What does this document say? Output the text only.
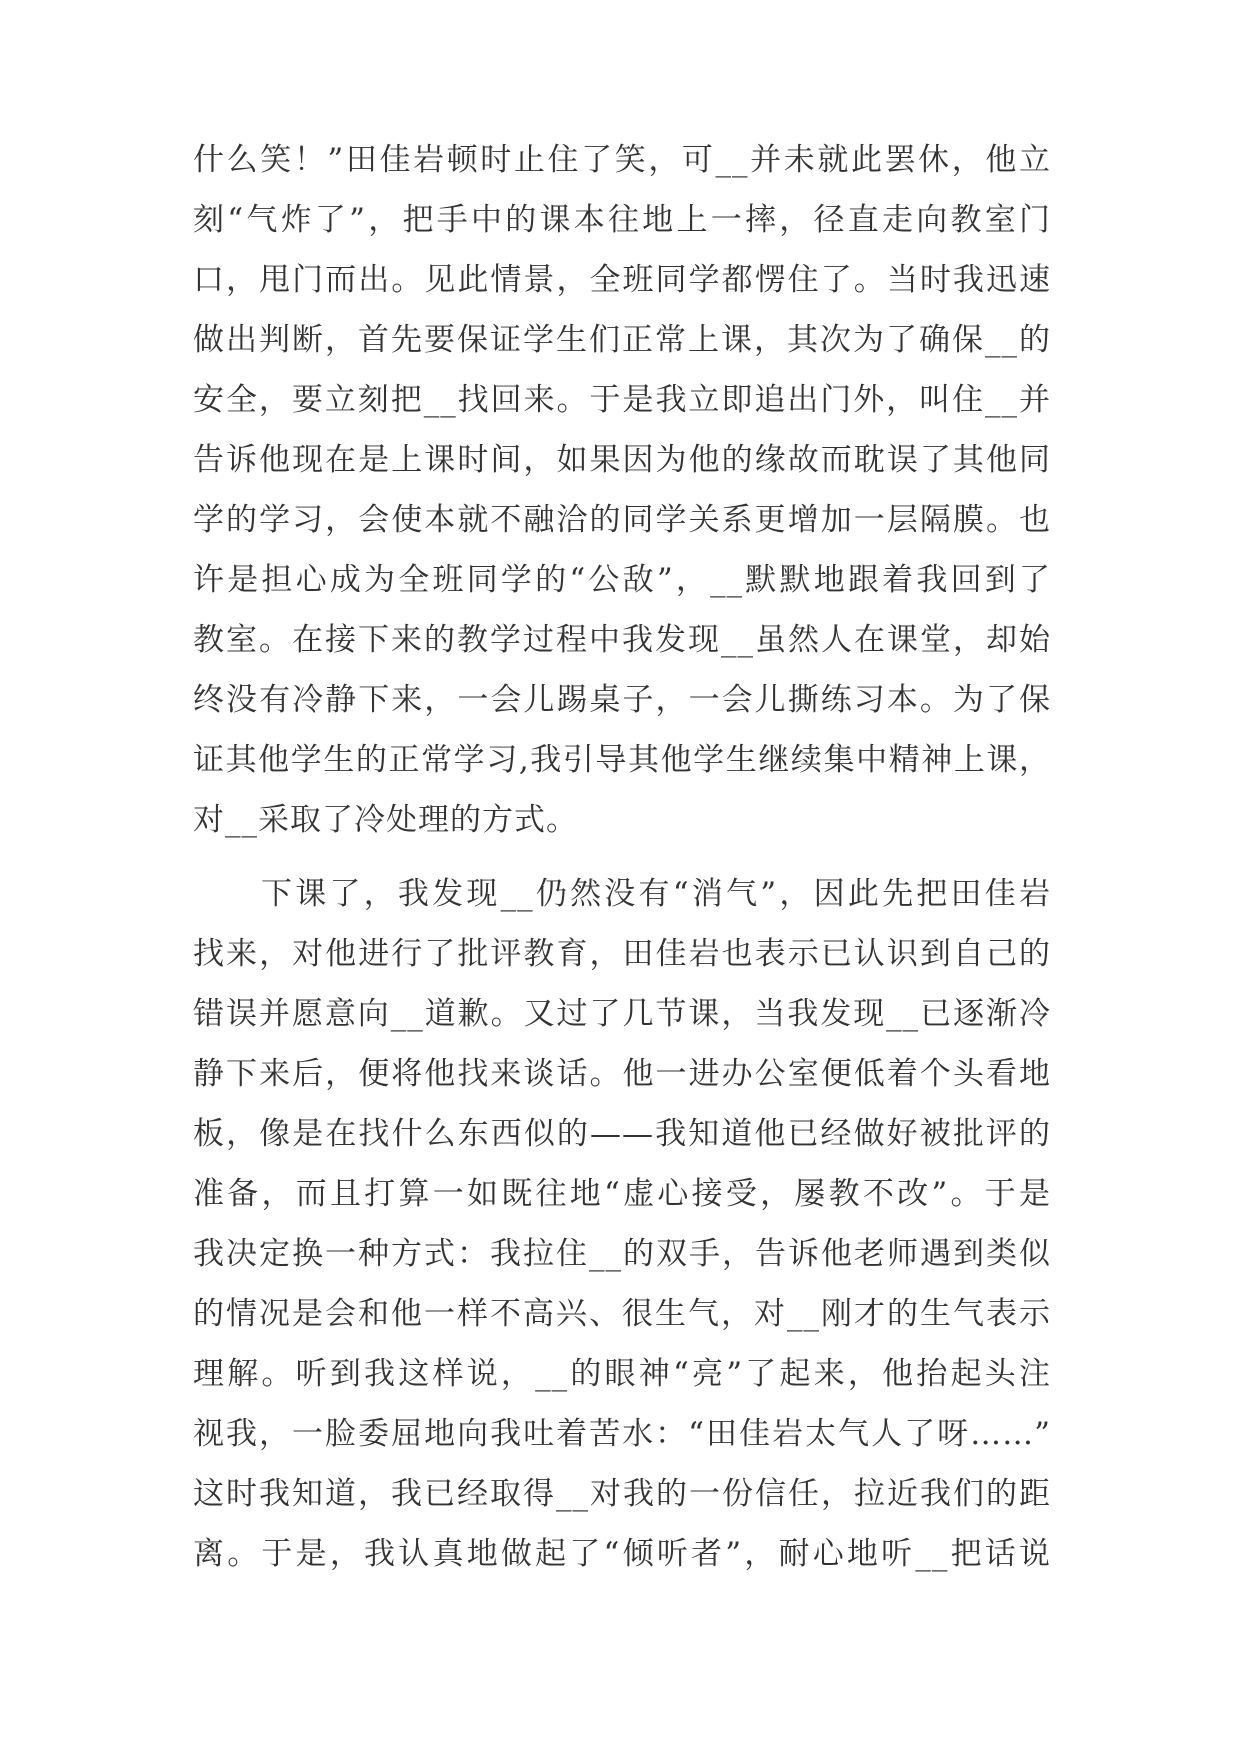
什么笑！”田佳岩顿时止住了笑，可__并未就此罢休，他立
刻“气炸了”，把手中的课本往地上一摔，径直走向教室门
口，甩门而出。见此情景，全班同学都愣住了。当时我迅速
做出判断，首先要保证学生们正常上课，其次为了确保__的
安全，要立刻把__找回来。于是我立即追出门外，叫住__并
告诉他现在是上课时间，如果因为他的缘故而耽误了其他同
学的学习，会使本就不融洽的同学关系更增加一层隔膜。也
许是担心成为全班同学的“公敌”，__默默地跟着我回到了
教室。在接下来的教学过程中我发现__虽然人在课堂，却始
终没有冷静下来，一会儿踢桌子，一会儿撕练习本。为了保
证其他学生的正常学习,我引导其他学生继续集中精神上课，
对__采取了冷处理的方式。
下课了，我发现__仍然没有“消气”，因此先把田佳岩
找来，对他进行了批评教育，田佳岩也表示已认识到自己的
错误并愿意向__道歉。又过了几节课，当我发现__已逐渐冷
静下来后，便将他找来谈话。他一进办公室便低着个头看地
板，像是在找什么东西似的——我知道他已经做好被批评的
准备，而且打算一如既往地“虚心接受，屡教不改”。于是
我决定换一种方式：我拉住__的双手，告诉他老师遇到类似
的情况是会和他一样不高兴、很生气，对__刚才的生气表示
理解。听到我这样说，__的眼神“亮”了起来，他抬起头注
视我，一脸委屈地向我吐着苦水：“田佳岩太气人了呀……”
这时我知道，我已经取得__对我的一份信任，拉近我们的距
离。于是，我认真地做起了“倾听者”，耐心地听__把话说
